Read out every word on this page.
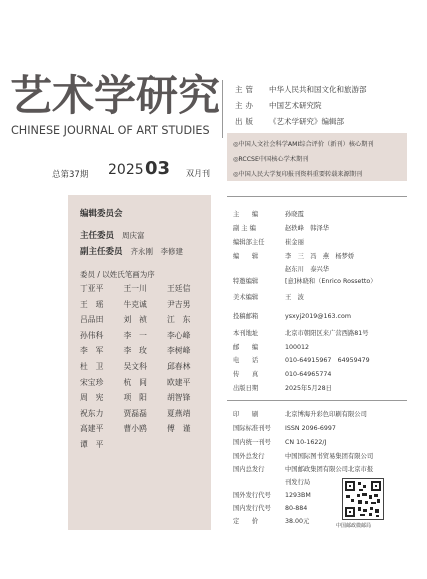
艺术学研究
CHINESE JOURNAL OF ART STUDIES
主管 中华人民共和国文化和旅游部
主办 中国艺术研究院
出版 《艺术学研究》编辑部
◎中国人文社会科学AMI综合评价（新刊）核心期刊
◎RCCSE中国核心学术期刊
◎中国人民大学复印报刊资料重要转载来源期刊
总第37期 2025 03 双月刊
编辑委员会
主任委员 周庆富
副主任委员 齐永刚　李修建
委员 / 以姓氏笔画为序
丁亚平	王一川	王廷信
王　瑶	牛克诚	尹吉男
吕品田	刘　祯	江　东
孙伟科	李　一	李心峰
李　军	李　玫	李树峰
杜　卫	吴文科	邱春林
宋宝珍	杭　间	欧建平
周　宪	项　阳	胡智锋
祝东力	贾磊磊	夏燕靖
高建平	曹小鸥	傅　谨
谭　平
主　　编	孙晓霞
副 主 编	赵轶峰　韩泽华
编辑部主任	崔金丽
编　　辑	李　三　冯　燕　杨梦娇
赵东川　泰兴华
特邀编辑	[意]林晓和（Enrico Rossetto）
美术编辑	王　波
投稿邮箱	ysxyj2019@163.com
本刊地址	北京市朝阳区来广营西路81号
邮　　编	100012
电　　话	010-64915967　64959479
传　　真	010-64965774
出版日期	2025年5月28日
印　　刷	北京博海升彩色印刷有限公司
国际标准刊号 ISSN 2096-6997
国内统一刊号 CN 10-1622/J
国外总发行	中国国际图书贸易集团有限公司
国内总发行	中国邮政集团有限公司北京市报
刊发行局
国外发行代号 1293BM
国内发行代号 80-884
定　　价	38.00元
中国邮政微邮局
